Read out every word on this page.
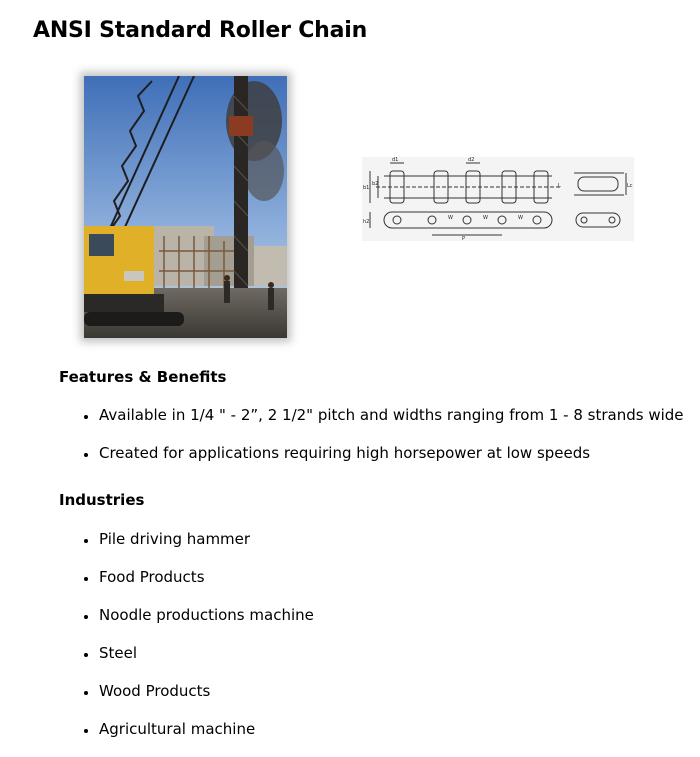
ANSI Standard Roller Chain
d1	d2
b1
b2
h2
P
W	W	W
L	Lc
Features & Benefits
Available in 1/4 " - 2”, 2 1/2" pitch and widths ranging from 1 - 8 strands wide
Created for applications requiring high horsepower at low speeds
Industries
Pile driving hammer
Food Products
Noodle productions machine
Steel
Wood Products
Agricultural machine
